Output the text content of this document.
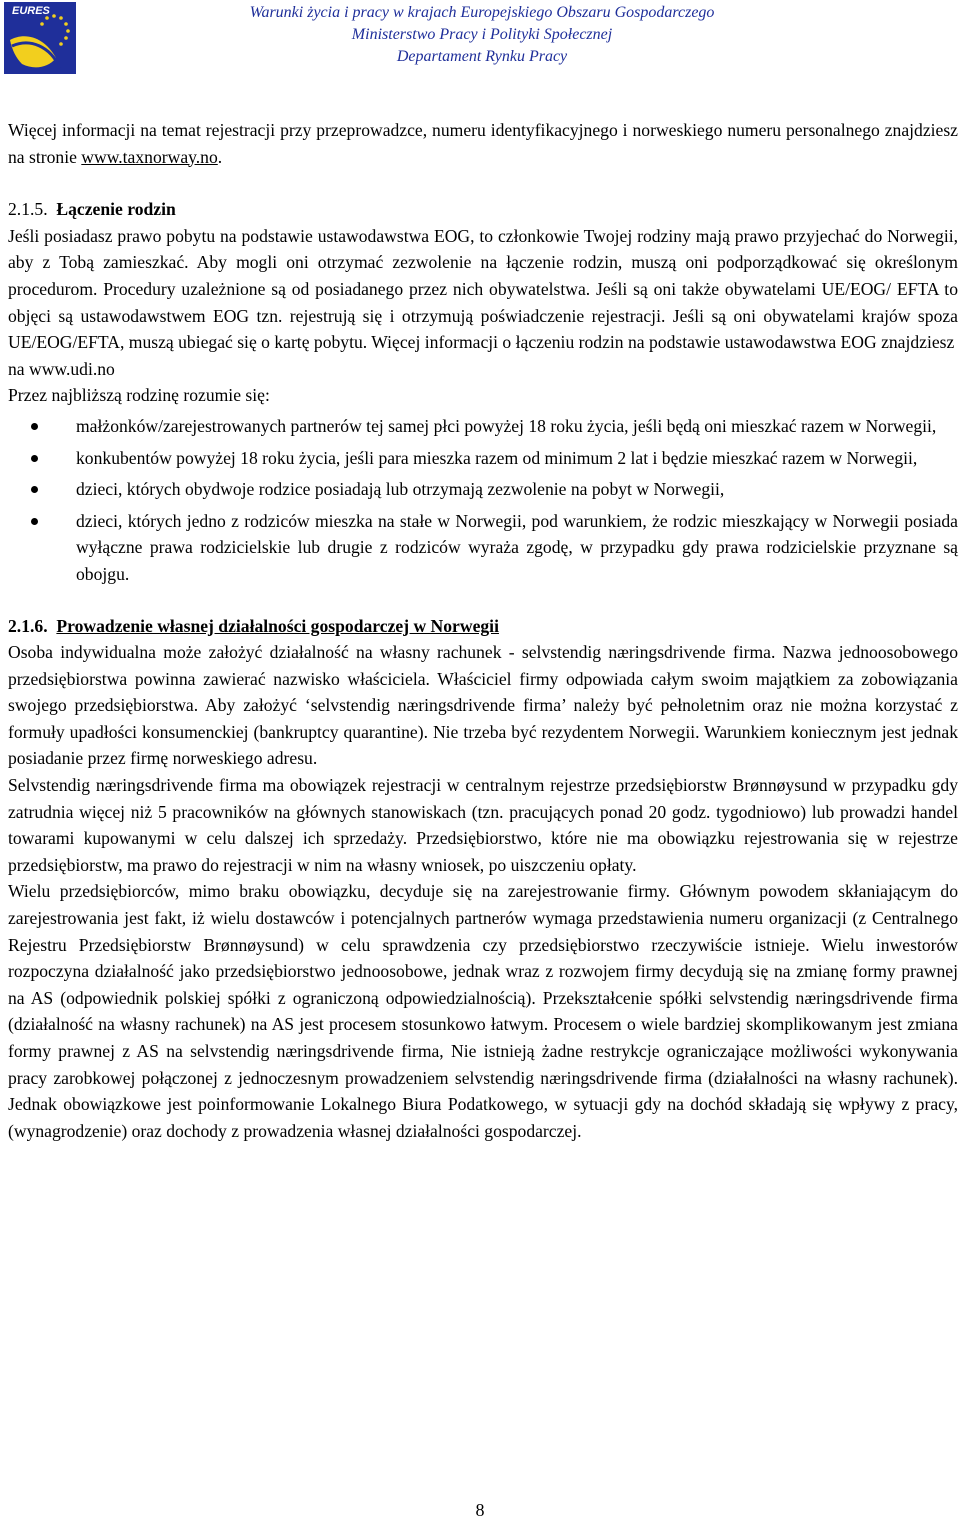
EURES	Warunki życia i pracy w krajach Europejskiego Obszaru Gospodarczego
Ministerstwo Pracy i Polityki Społecznej
Departament Rynku Pracy

Więcej informacji na temat rejestracji przy przeprowadzce, numeru identyfikacyjnego i norweskiego numeru personalnego znajdziesz na stronie www.taxnorway.no.

2.1.5. Łączenie rodzin

Jeśli posiadasz prawo pobytu na podstawie ustawodawstwa EOG, to członkowie Twojej rodziny mają prawo przyjechać do Norwegii, aby z Tobą zamieszkać. Aby mogli oni otrzymać zezwolenie na łączenie rodzin, muszą oni podporządkować się określonym procedurom. Procedury uzależnione są od posiadanego przez nich obywatelstwa. Jeśli są oni także obywatelami UE/EOG/ EFTA to objęci są ustawodawstwem EOG tzn. rejestrują się i otrzymują poświadczenie rejestracji. Jeśli są oni obywatelami krajów spoza UE/EOG/EFTA, muszą ubiegać się o kartę pobytu. Więcej informacji o łączeniu rodzin na podstawie ustawodawstwa EOG znajdziesz

na www.udi.no

Przez najbliższą rodzinę rozumie się:

małżonków/zarejestrowanych partnerów tej samej płci powyżej 18 roku życia, jeśli będą oni mieszkać razem w Norwegii,
konkubentów powyżej 18 roku życia, jeśli para mieszka razem od minimum 2 lat i będzie mieszkać razem w Norwegii,
dzieci, których obydwoje rodzice posiadają lub otrzymają zezwolenie na pobyt w Norwegii,
dzieci, których jedno z rodziców mieszka na stałe w Norwegii, pod warunkiem, że rodzic mieszkający w Norwegii posiada wyłączne prawa rodzicielskie lub drugie z rodziców wyraża zgodę, w przypadku gdy prawa rodzicielskie przyznane są obojgu.

2.1.6. Prowadzenie własnej działalności gospodarczej w Norwegii

Osoba indywidualna może założyć działalność na własny rachunek - selvstendig næringsdrivende firma. Nazwa jednoosobowego przedsiębiorstwa powinna zawierać nazwisko właściciela. Właściciel firmy odpowiada całym swoim majątkiem za zobowiązania swojego przedsiębiorstwa. Aby założyć ‘selvstendig næringsdrivende firma’ należy być pełnoletnim oraz nie można korzystać z formuły upadłości konsumenckiej (bankruptcy quarantine). Nie trzeba być rezydentem Norwegii. Warunkiem koniecznym jest jednak posiadanie przez firmę norweskiego adresu.

Selvstendig næringsdrivende firma ma obowiązek rejestracji w centralnym rejestrze przedsiębiorstw Brønnøysund w przypadku gdy zatrudnia więcej niż 5 pracowników na głównych stanowiskach (tzn. pracujących ponad 20 godz. tygodniowo) lub prowadzi handel towarami kupowanymi w celu dalszej ich sprzedaży. Przedsiębiorstwo, które nie ma obowiązku rejestrowania się w rejestrze przedsiębiorstw, ma prawo do rejestracji w nim na własny wniosek, po uiszczeniu opłaty.

Wielu przedsiębiorców, mimo braku obowiązku, decyduje się na zarejestrowanie firmy. Głównym powodem skłaniającym do zarejestrowania jest fakt, iż wielu dostawców i potencjalnych partnerów wymaga przedstawienia numeru organizacji (z Centralnego Rejestru Przedsiębiorstw Brønnøysund) w celu sprawdzenia czy przedsiębiorstwo rzeczywiście istnieje. Wielu inwestorów rozpoczyna działalność jako przedsiębiorstwo jednoosobowe, jednak wraz z rozwojem firmy decydują się na zmianę formy prawnej na AS (odpowiednik polskiej spółki z ograniczoną odpowiedzialnością). Przekształcenie spółki selvstendig næringsdrivende firma (działalność na własny rachunek) na AS jest procesem stosunkowo łatwym. Procesem o wiele bardziej skomplikowanym jest zmiana formy prawnej z AS na selvstendig næringsdrivende firma, Nie istnieją żadne restrykcje ograniczające możliwości wykonywania pracy zarobkowej połączonej z jednoczesnym prowadzeniem selvstendig næringsdrivende firma (działalności na własny rachunek). Jednak obowiązkowe jest poinformowanie Lokalnego Biura Podatkowego, w sytuacji gdy na dochód składają się wpływy z pracy, (wynagrodzenie) oraz dochody z prowadzenia własnej działalności gospodarczej.

8
